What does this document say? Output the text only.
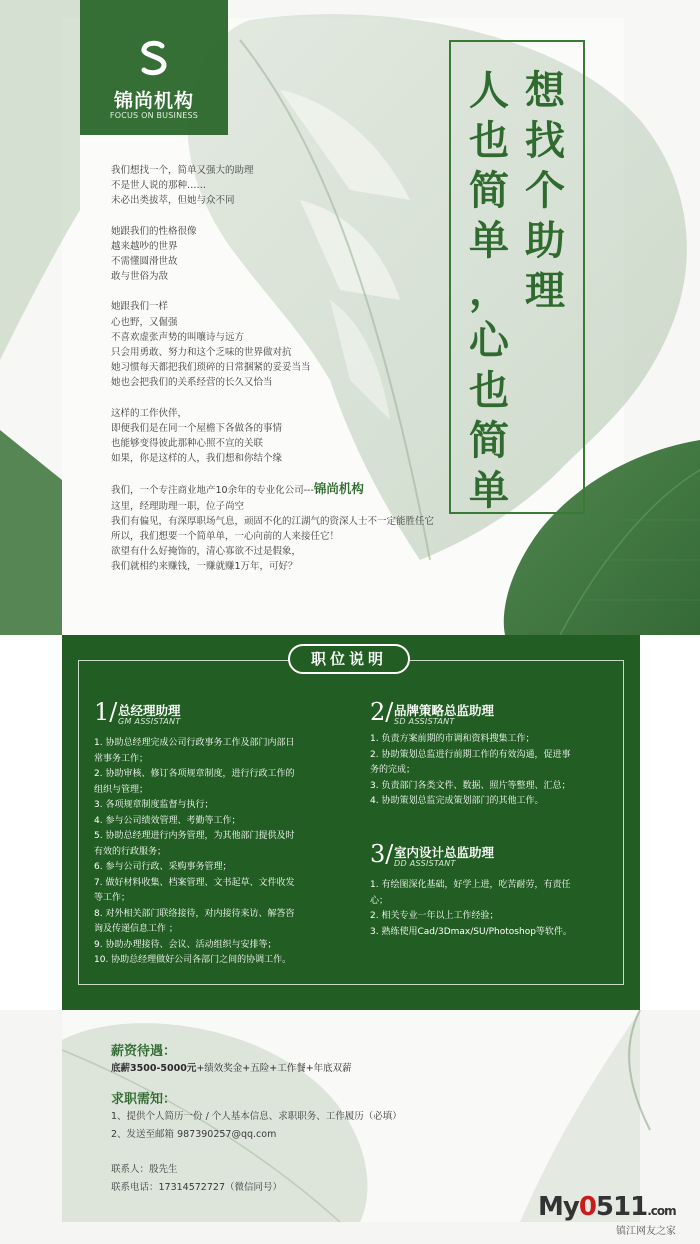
锦尚机构
FOCUS ON BUSINESS
想
找
个
助
理
人
也
简
单
，
心
也
简
单

我们想找一个，简单又强大的助理

不是世人说的那种……

未必出类拔萃，但她与众不同

她跟我们的性格很像

越来越吵的世界

不需懂圆滑世故

敢与世俗为敌

她跟我们一样

心也野，又倔强

不喜欢虚张声势的叫嚷诗与远方

只会用勇敢、努力和这个乏味的世界做对抗

她习惯每天都把我们琐碎的日常捆紧的妥妥当当

她也会把我们的关系经营的长久又恰当

这样的工作伙伴，

即便我们是在同一个屋檐下各做各的事情

也能够变得彼此那种心照不宣的关联

如果，你是这样的人，我们想和你结个缘

我们，一个专注商业地产10余年的专业化公司---锦尚机构

这里，经理助理一职，位子尚空

我们有偏见，有深厚职场气息，顽固不化的江湖气的资深人士不一定能胜任它

所以，我们想要一个简单单，一心向前的人来接任它！

欲望有什么好掩饰的，清心寡欲不过是假象，

我们就相约来赚钱，一赚就赚1万年，可好？

职位说明
1/ 总经理助理
GM ASSISTANT

1. 协助总经理完成公司行政事务工作及部门内部日

常事务工作；

2. 协助审核、修订各项规章制度，进行行政工作的

组织与管理；

3. 各项规章制度监督与执行；

4. 参与公司绩效管理、考勤等工作；

5. 协助总经理进行内务管理，为其他部门提供及时

有效的行政服务；

6. 参与公司行政、采购事务管理；

7. 做好材料收集、档案管理、文书起草、文件收发

等工作；

8. 对外相关部门联络接待，对内接待来访、解答咨

询及传递信息工作 ；

9. 协助办理接待、会议、活动组织与安排等；

10. 协助总经理做好公司各部门之间的协调工作。

2/ 品牌策略总监助理
SD ASSISTANT

1. 负责方案前期的市调和资料搜集工作；

2. 协助策划总监进行前期工作的有效沟通，促进事

务的完成；

3. 负责部门各类文件、数据、照片等整理、汇总；

4. 协助策划总监完成策划部门的其他工作。

3/ 室内设计总监助理
DD ASSISTANT

1. 有绘图深化基础，好学上进，吃苦耐劳，有责任

心；

2. 相关专业一年以上工作经验；

3. 熟练使用Cad/3Dmax/SU/Photoshop等软件。

薪资待遇：
底薪3500-5000元+绩效奖金+五险+工作餐+年底双薪
求职需知：
1、提供个人简历一份 / 个人基本信息、求职职务、工作履历（必填）
2、发送至邮箱 987390257@qq.com
联系人：殷先生
联系电话：17314572727（微信同号）
My0511.com
镇江网友之家
